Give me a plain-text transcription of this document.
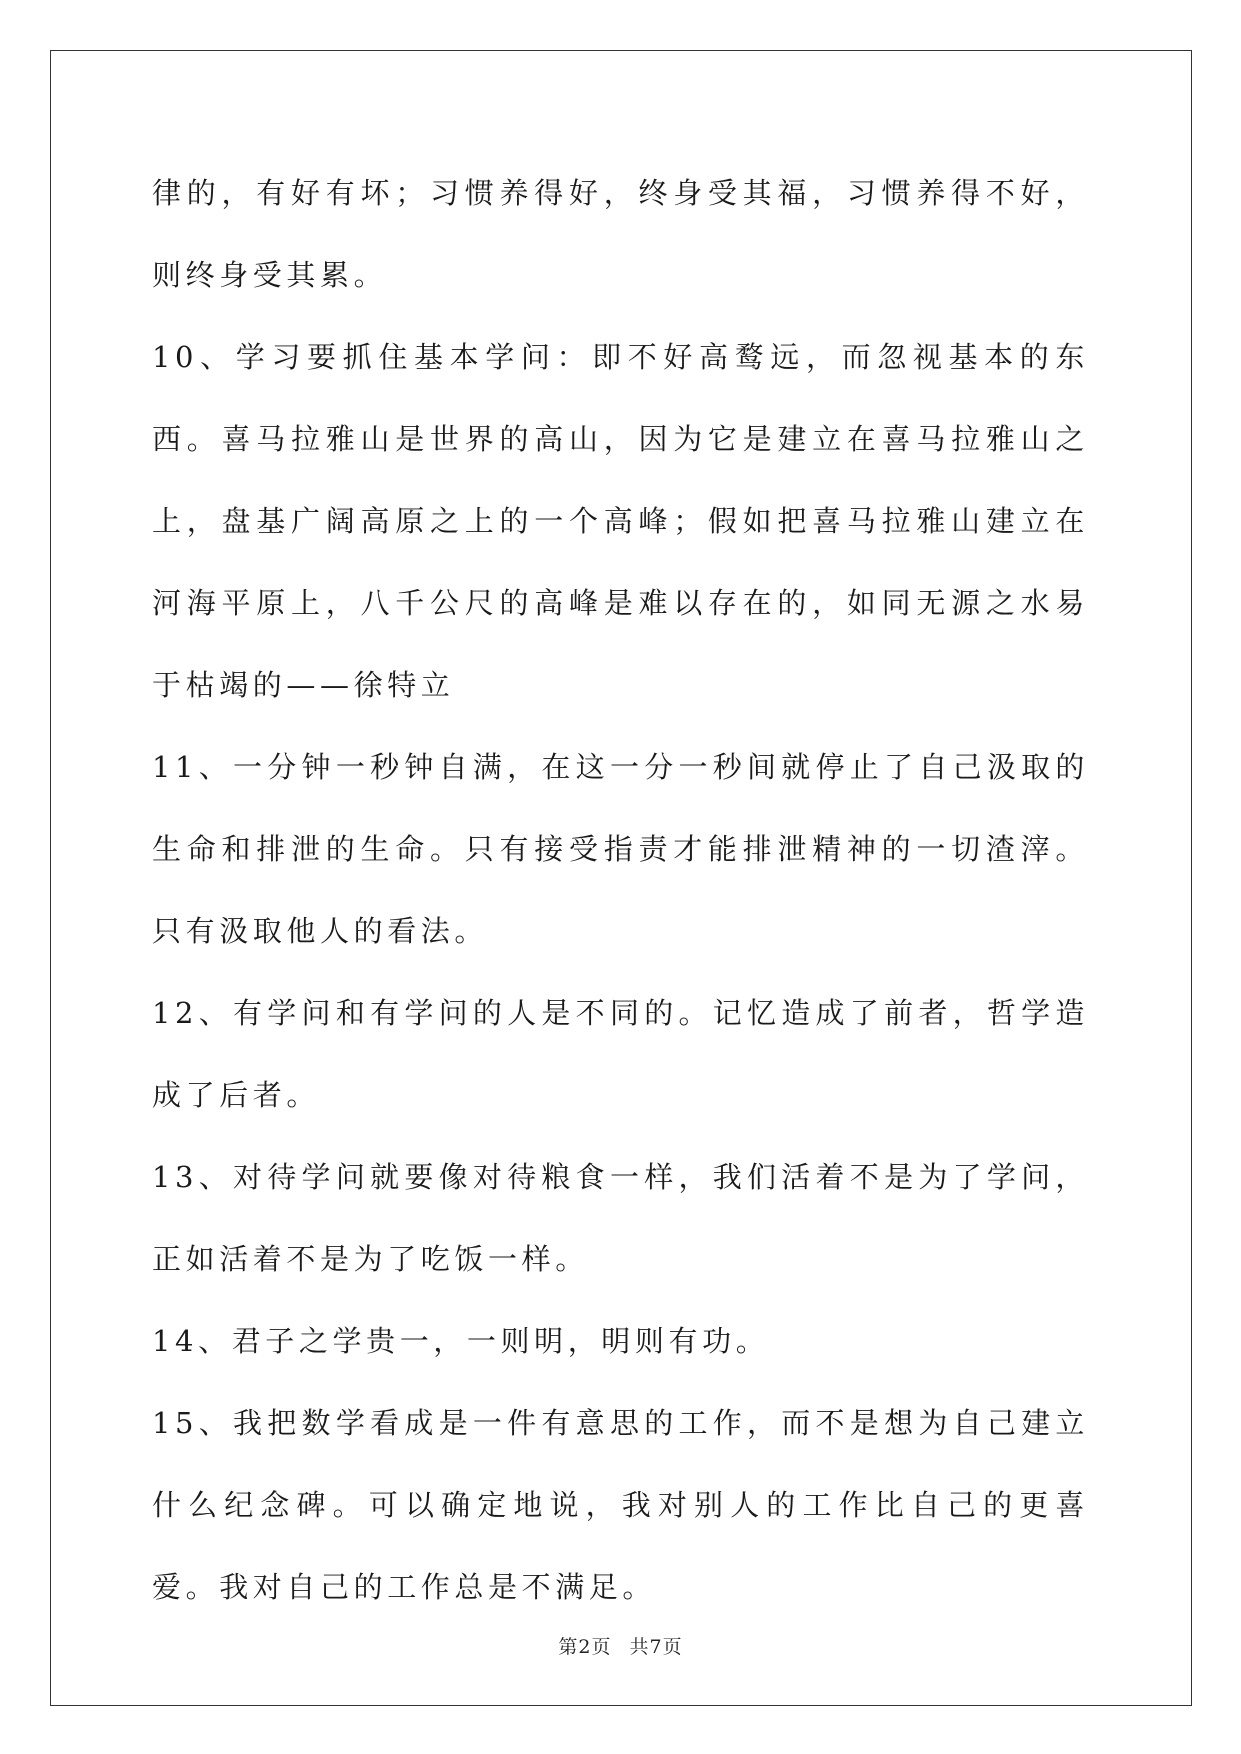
律的，有好有坏；习惯养得好，终身受其福，习惯养得不好，则终身受其累。

10、学习要抓住基本学问：即不好高鹜远，而忽视基本的东西。喜马拉雅山是世界的高山，因为它是建立在喜马拉雅山之上，盘基广阔高原之上的一个高峰；假如把喜马拉雅山建立在河海平原上，八千公尺的高峰是难以存在的，如同无源之水易于枯竭的——徐特立

11、一分钟一秒钟自满，在这一分一秒间就停止了自己汲取的生命和排泄的生命。只有接受指责才能排泄精神的一切渣滓。只有汲取他人的看法。

12、有学问和有学问的人是不同的。记忆造成了前者，哲学造成了后者。

13、对待学问就要像对待粮食一样，我们活着不是为了学问，正如活着不是为了吃饭一样。

14、君子之学贵一，一则明，明则有功。

15、我把数学看成是一件有意思的工作，而不是想为自己建立什么纪念碑。可以确定地说，我对别人的工作比自己的更喜爱。我对自己的工作总是不满足。

第2页 共7页
